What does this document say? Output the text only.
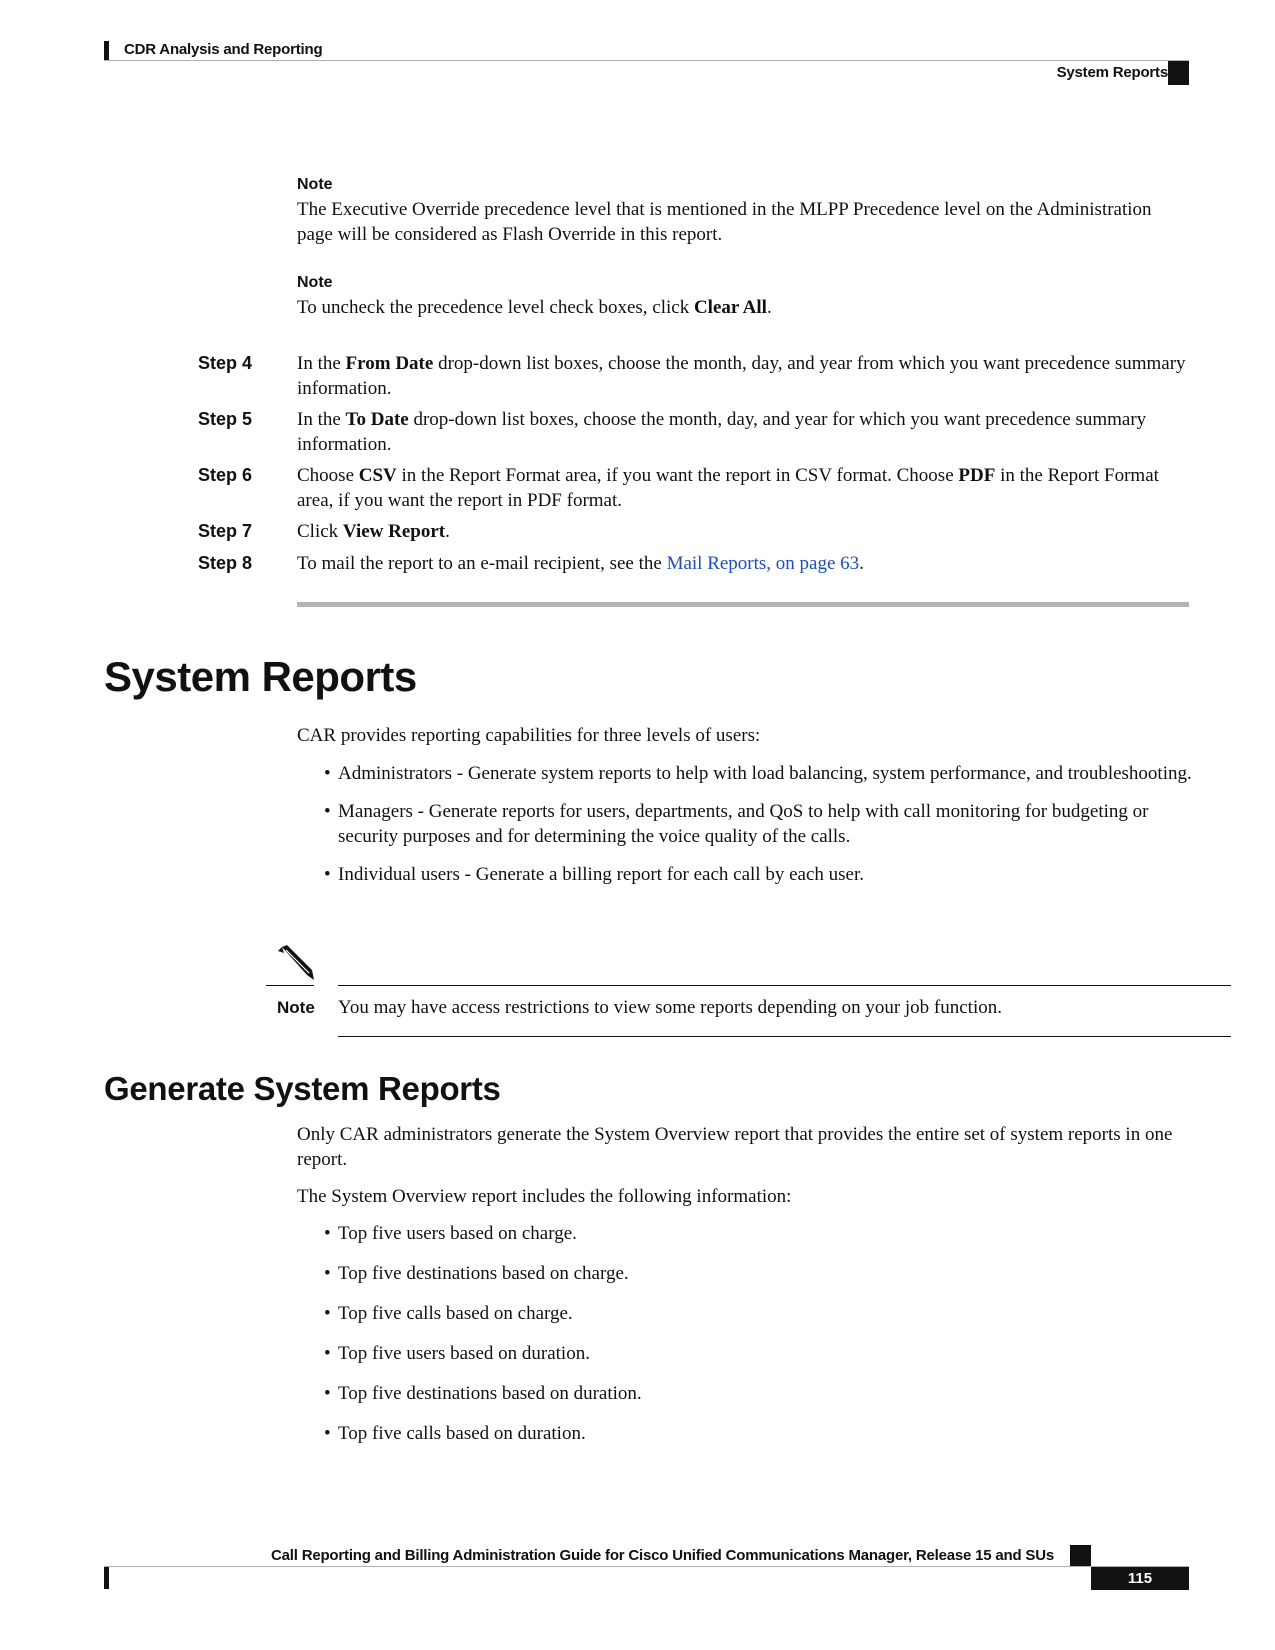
CDR Analysis and Reporting
System Reports
Note
The Executive Override precedence level that is mentioned in the MLPP Precedence level on the Administration page will be considered as Flash Override in this report.
Note
To uncheck the precedence level check boxes, click Clear All.
Step 4 In the From Date drop-down list boxes, choose the month, day, and year from which you want precedence summary information.
Step 5 In the To Date drop-down list boxes, choose the month, day, and year for which you want precedence summary information.
Step 6 Choose CSV in the Report Format area, if you want the report in CSV format. Choose PDF in the Report Format area, if you want the report in PDF format.
Step 7 Click View Report.
Step 8 To mail the report to an e-mail recipient, see the Mail Reports, on page 63.
System Reports
CAR provides reporting capabilities for three levels of users:
• Administrators - Generate system reports to help with load balancing, system performance, and troubleshooting.
• Managers - Generate reports for users, departments, and QoS to help with call monitoring for budgeting or security purposes and for determining the voice quality of the calls.
• Individual users - Generate a billing report for each call by each user.
Note You may have access restrictions to view some reports depending on your job function.
Generate System Reports
Only CAR administrators generate the System Overview report that provides the entire set of system reports in one report.
The System Overview report includes the following information:
• Top five users based on charge.
• Top five destinations based on charge.
• Top five calls based on charge.
• Top five users based on duration.
• Top five destinations based on duration.
• Top five calls based on duration.
Call Reporting and Billing Administration Guide for Cisco Unified Communications Manager, Release 15 and SUs
115
